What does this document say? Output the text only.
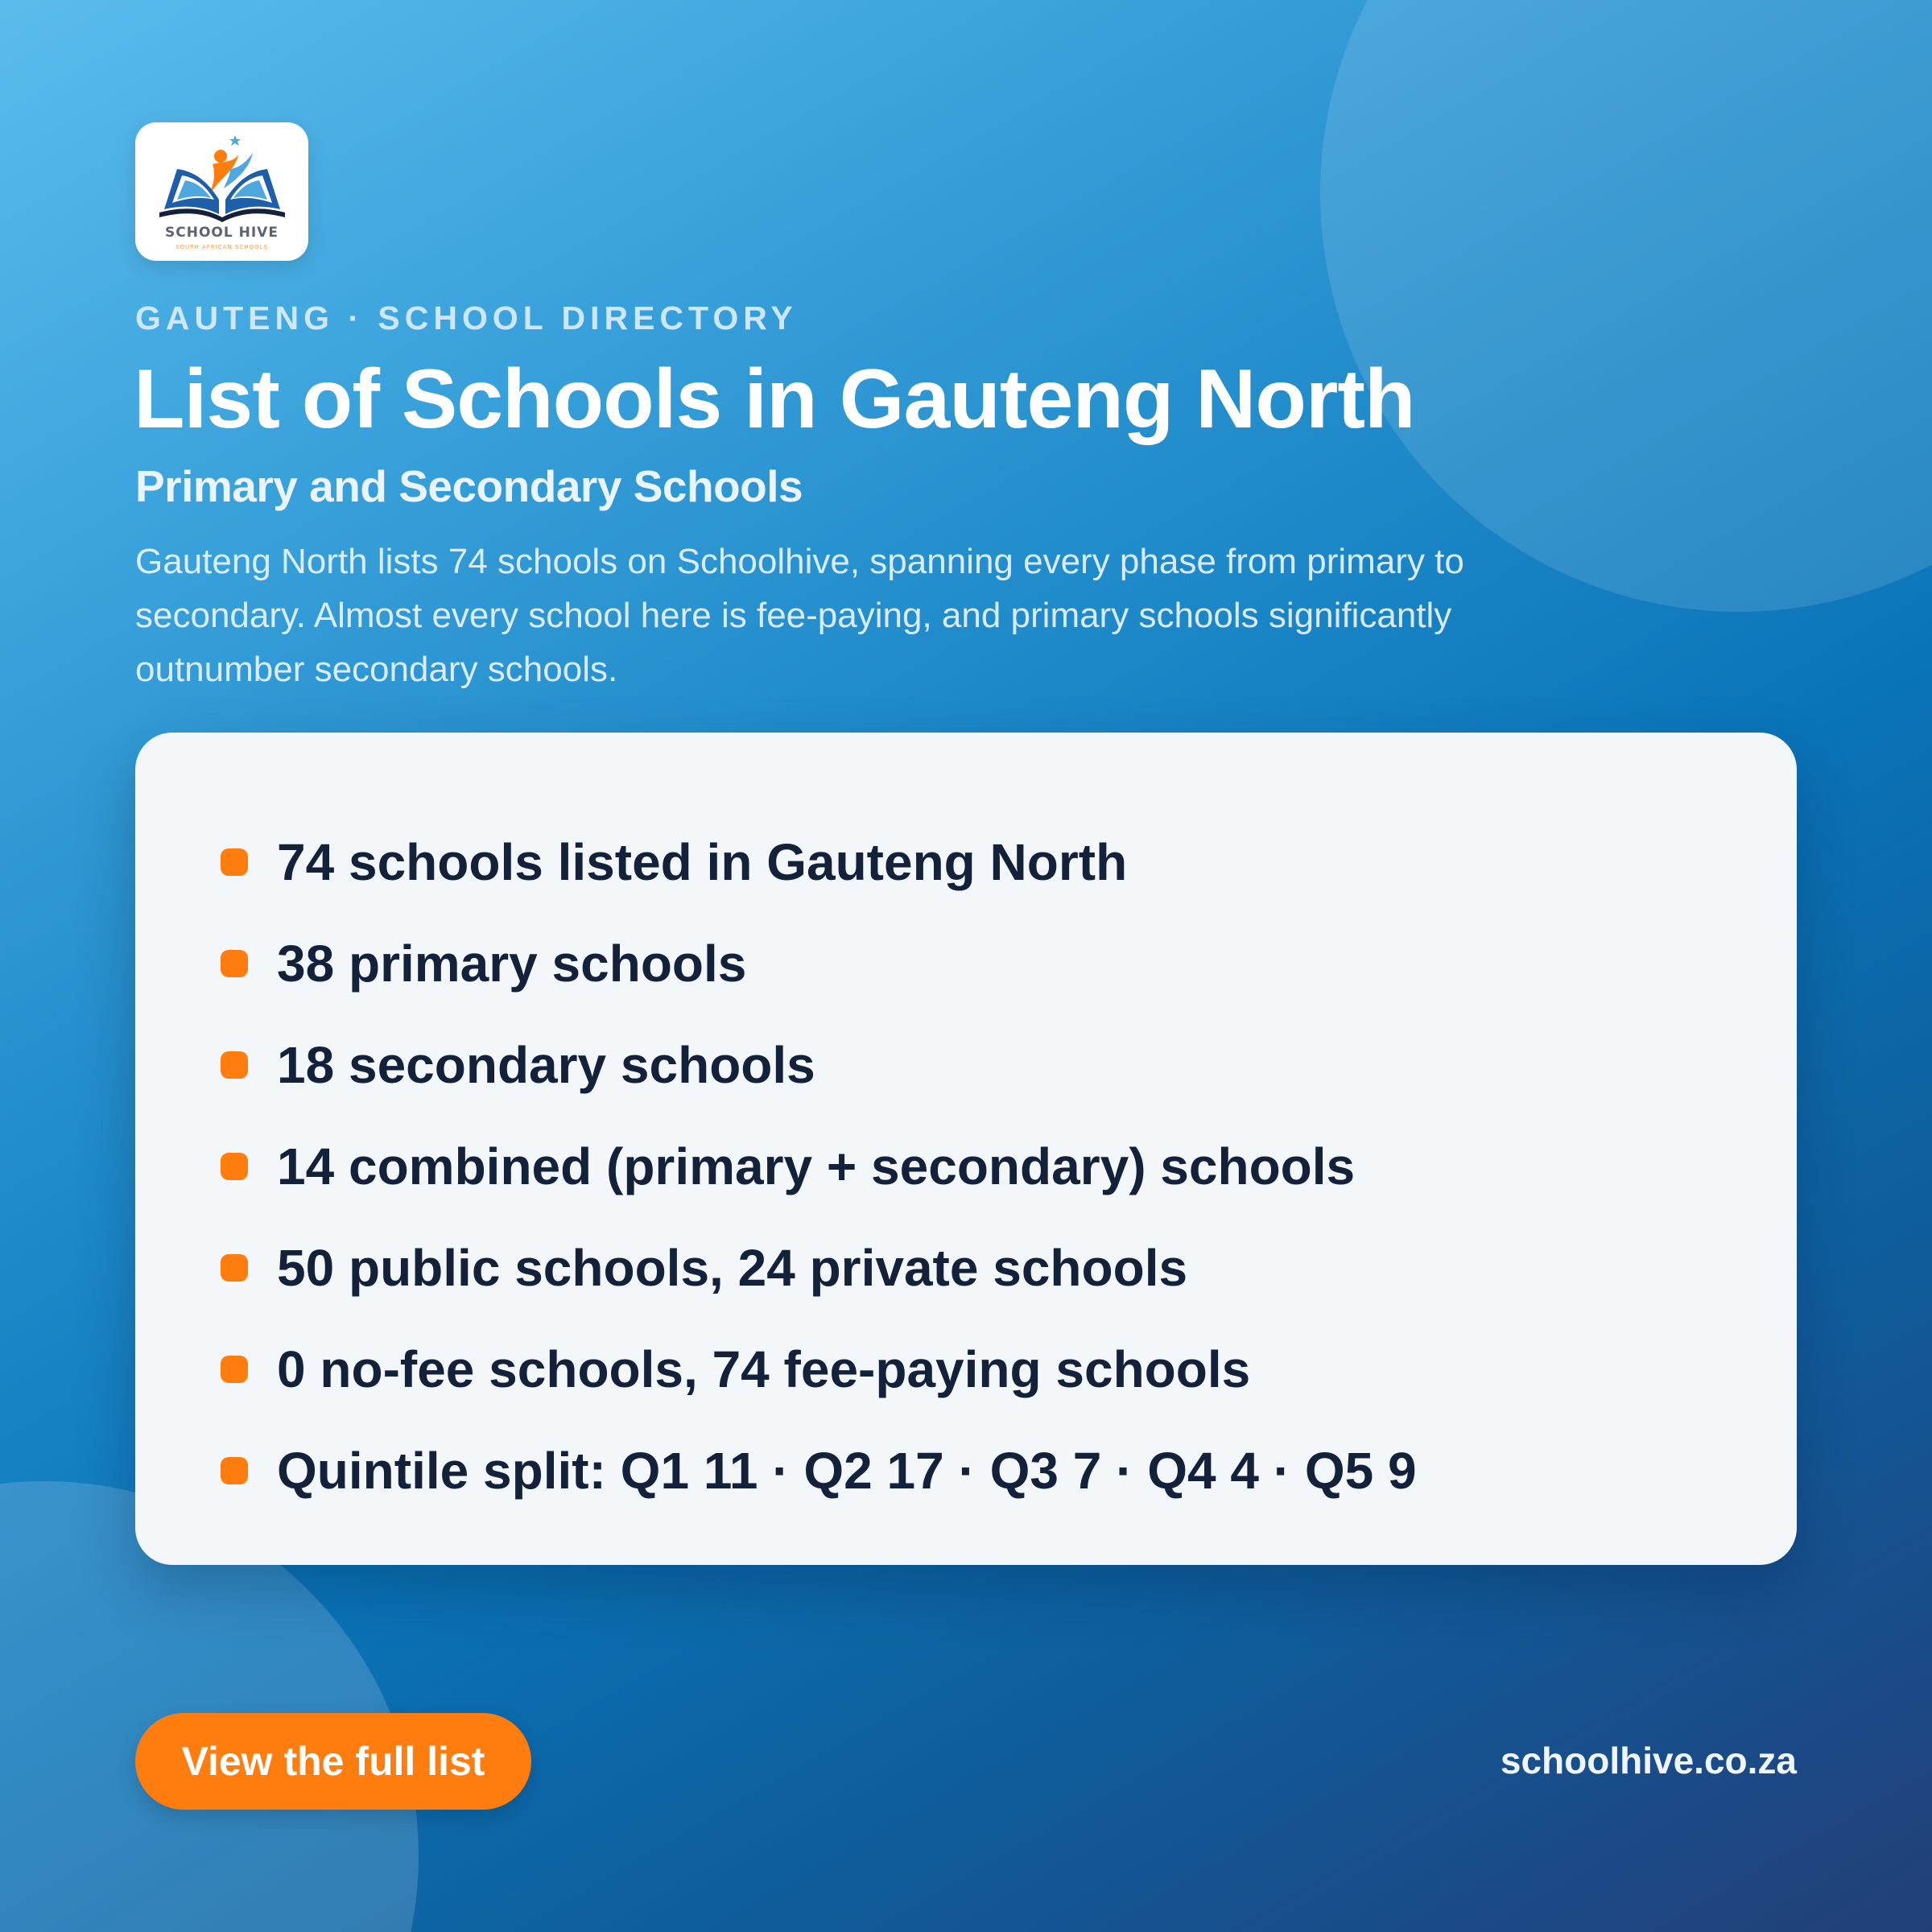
SCHOOL HIVE
SOUTH AFRICAN SCHOOLS
GAUTENG · SCHOOL DIRECTORY
List of Schools in Gauteng North
Primary and Secondary Schools

Gauteng North lists 74 schools on Schoolhive, spanning every phase from primary to secondary. Almost every school here is fee-paying, and primary schools significantly outnumber secondary schools.

74 schools listed in Gauteng North
38 primary schools
18 secondary schools
14 combined (primary + secondary) schools
50 public schools, 24 private schools
0 no-fee schools, 74 fee-paying schools
Quintile split: Q1 11 · Q2 17 · Q3 7 · Q4 4 · Q5 9
View the full list	schoolhive.co.za
